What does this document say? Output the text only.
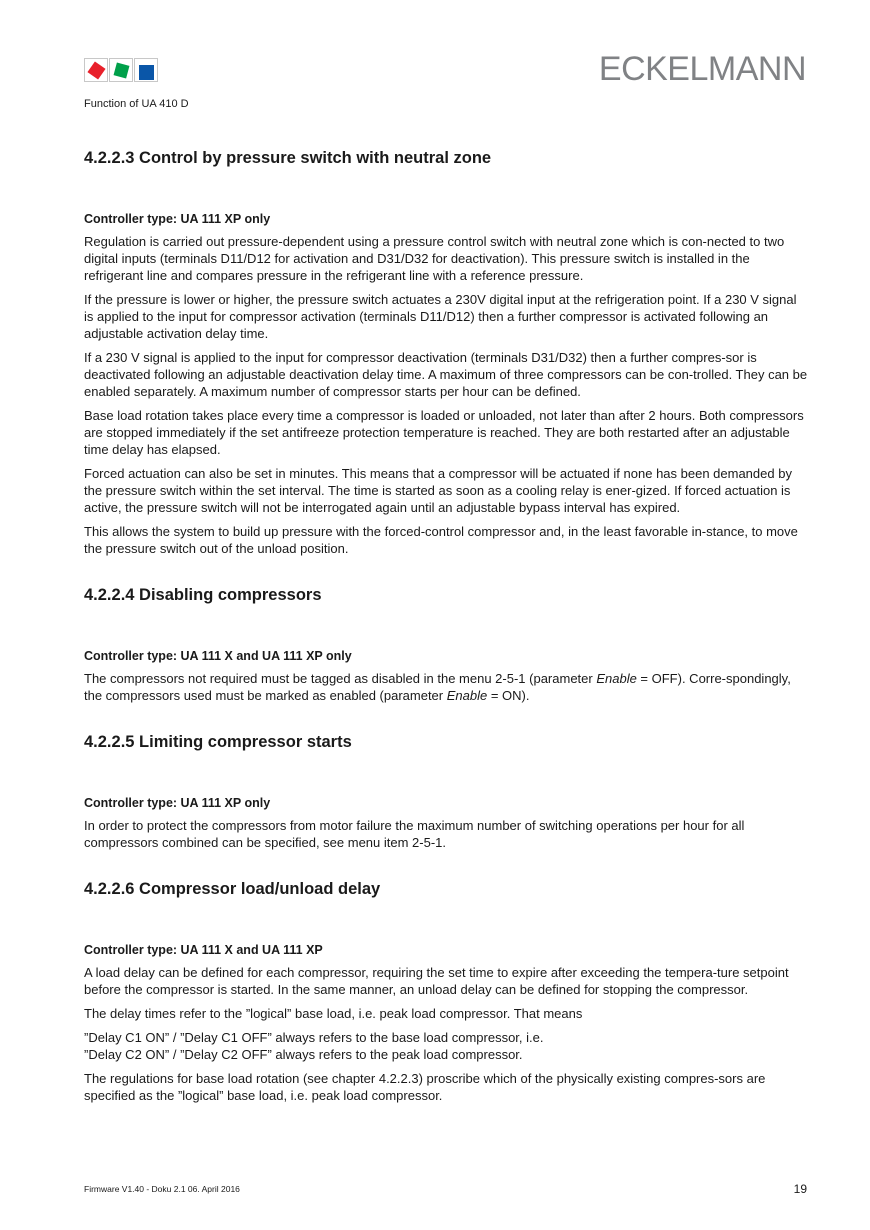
Function of UA 410 D
ECKELMANN
4.2.2.3 Control by pressure switch with neutral zone
Controller type: UA 111 XP only

Regulation is carried out pressure-dependent using a pressure control switch with neutral zone which is con-nected to two digital inputs (terminals D11/D12 for activation and D31/D32 for deactivation). This pressure switch is installed in the refrigerant line and compares pressure in the refrigerant line with a reference pressure.

If the pressure is lower or higher, the pressure switch actuates a 230V digital input at the refrigeration point. If a 230 V signal is applied to the input for compressor activation (terminals D11/D12) then a further compressor is activated following an adjustable activation delay time.

If a 230 V signal is applied to the input for compressor deactivation (terminals D31/D32) then a further compres-sor is deactivated following an adjustable deactivation delay time. A maximum of three compressors can be con-trolled. They can be enabled separately. A maximum number of compressor starts per hour can be defined.

Base load rotation takes place every time a compressor is loaded or unloaded, not later than after 2 hours. Both compressors are stopped immediately if the set antifreeze protection temperature is reached. They are both restarted after an adjustable time delay has elapsed.

Forced actuation can also be set in minutes. This means that a compressor will be actuated if none has been demanded by the pressure switch within the set interval. The time is started as soon as a cooling relay is ener-gized. If forced actuation is active, the pressure switch will not be interrogated again until an adjustable bypass interval has expired.

This allows the system to build up pressure with the forced-control compressor and, in the least favorable in-stance, to move the pressure switch out of the unload position.

4.2.2.4 Disabling compressors
Controller type: UA 111 X and UA 111 XP only

The compressors not required must be tagged as disabled in the menu 2-5-1 (parameter Enable = OFF). Corre-spondingly, the compressors used must be marked as enabled (parameter Enable = ON).

4.2.2.5 Limiting compressor starts
Controller type: UA 111 XP only

In order to protect the compressors from motor failure the maximum number of switching operations per hour for all compressors combined can be specified, see menu item 2-5-1.

4.2.2.6 Compressor load/unload delay
Controller type: UA 111 X and UA 111 XP

A load delay can be defined for each compressor, requiring the set time to expire after exceeding the tempera-ture setpoint before the compressor is started. In the same manner, an unload delay can be defined for stopping the compressor.

The delay times refer to the ”logical” base load, i.e. peak load compressor. That means

”Delay C1 ON” / ”Delay C1 OFF” always refers to the base load compressor, i.e.

”Delay C2 ON” / ”Delay C2 OFF” always refers to the peak load compressor.

The regulations for base load rotation (see chapter 4.2.2.3) proscribe which of the physically existing compres-sors are specified as the ”logical” base load, i.e. peak load compressor.

Firmware V1.40 - Doku 2.1 06. April 2016	19
